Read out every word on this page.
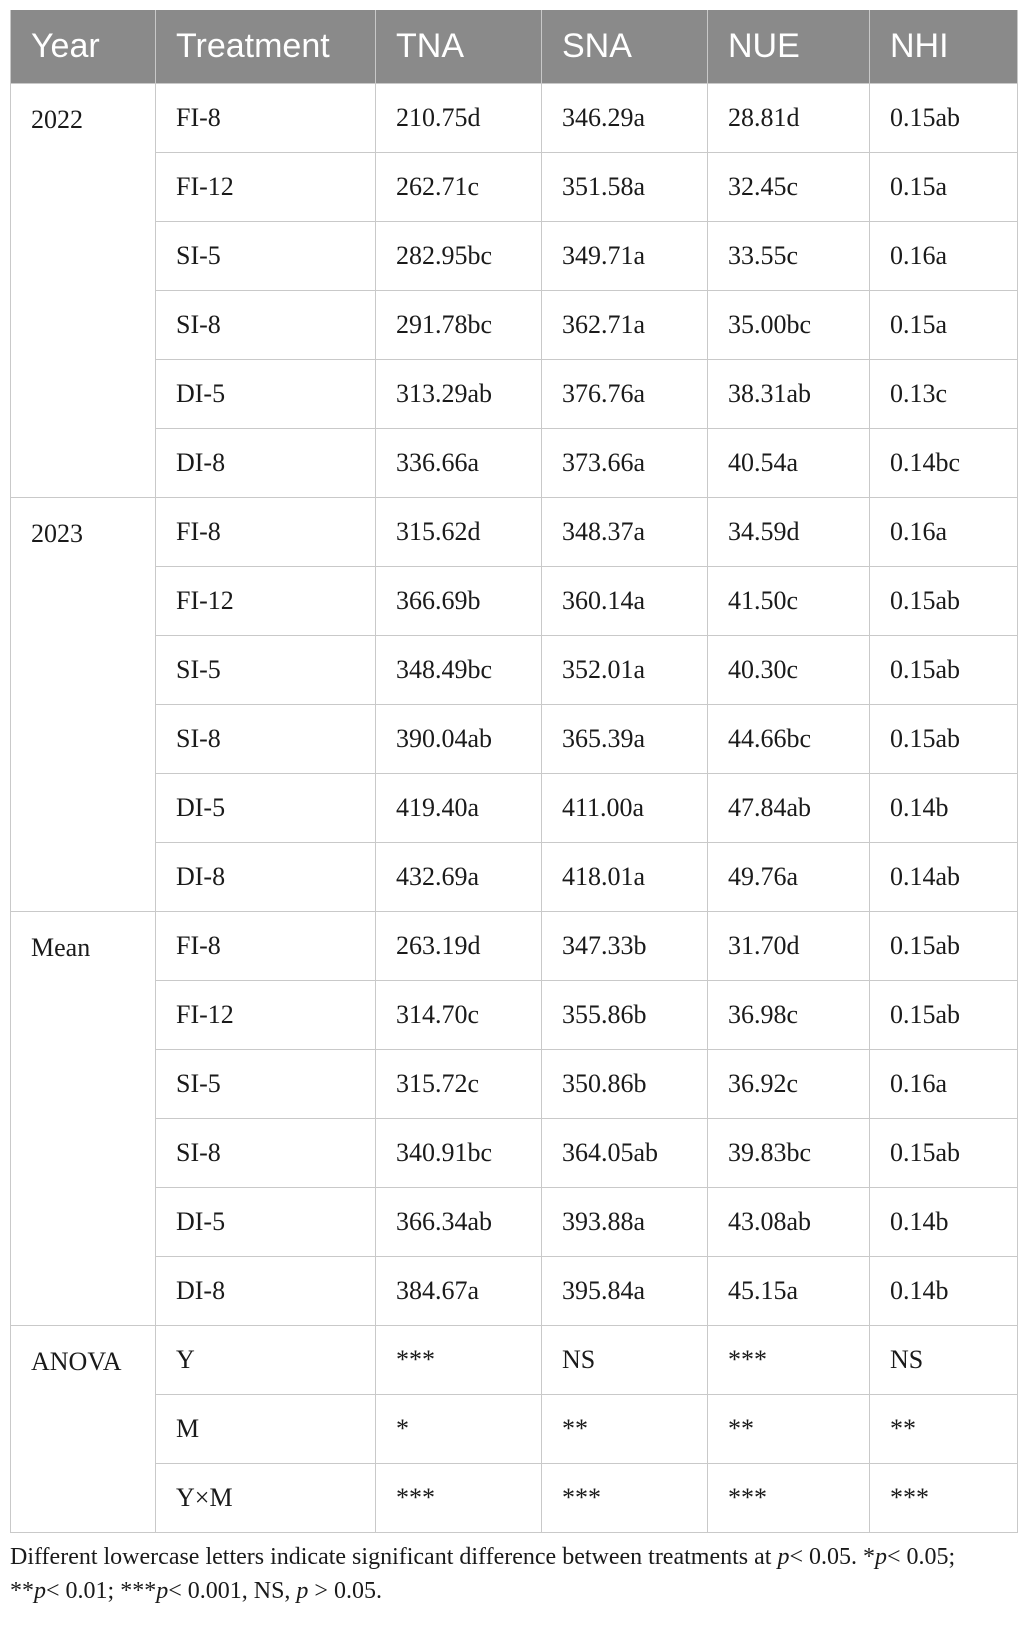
Year	Treatment	TNA	SNA	NUE	NHI
2022	FI-8	210.75d	346.29a	28.81d	0.15ab
	FI-12	262.71c	351.58a	32.45c	0.15a
	SI-5	282.95bc	349.71a	33.55c	0.16a
	SI-8	291.78bc	362.71a	35.00bc	0.15a
	DI-5	313.29ab	376.76a	38.31ab	0.13c
	DI-8	336.66a	373.66a	40.54a	0.14bc
2023	FI-8	315.62d	348.37a	34.59d	0.16a
	FI-12	366.69b	360.14a	41.50c	0.15ab
	SI-5	348.49bc	352.01a	40.30c	0.15ab
	SI-8	390.04ab	365.39a	44.66bc	0.15ab
	DI-5	419.40a	411.00a	47.84ab	0.14b
	DI-8	432.69a	418.01a	49.76a	0.14ab
Mean	FI-8	263.19d	347.33b	31.70d	0.15ab
	FI-12	314.70c	355.86b	36.98c	0.15ab
	SI-5	315.72c	350.86b	36.92c	0.16a
	SI-8	340.91bc	364.05ab	39.83bc	0.15ab
	DI-5	366.34ab	393.88a	43.08ab	0.14b
	DI-8	384.67a	395.84a	45.15a	0.14b
ANOVA	Y	***	NS	***	NS
	M	*	**	**	**
	Y×M	***	***	***	***
Different lowercase letters indicate significant difference between treatments at p< 0.05. *p< 0.05; **p< 0.01; ***p< 0.001, NS, p > 0.05.
